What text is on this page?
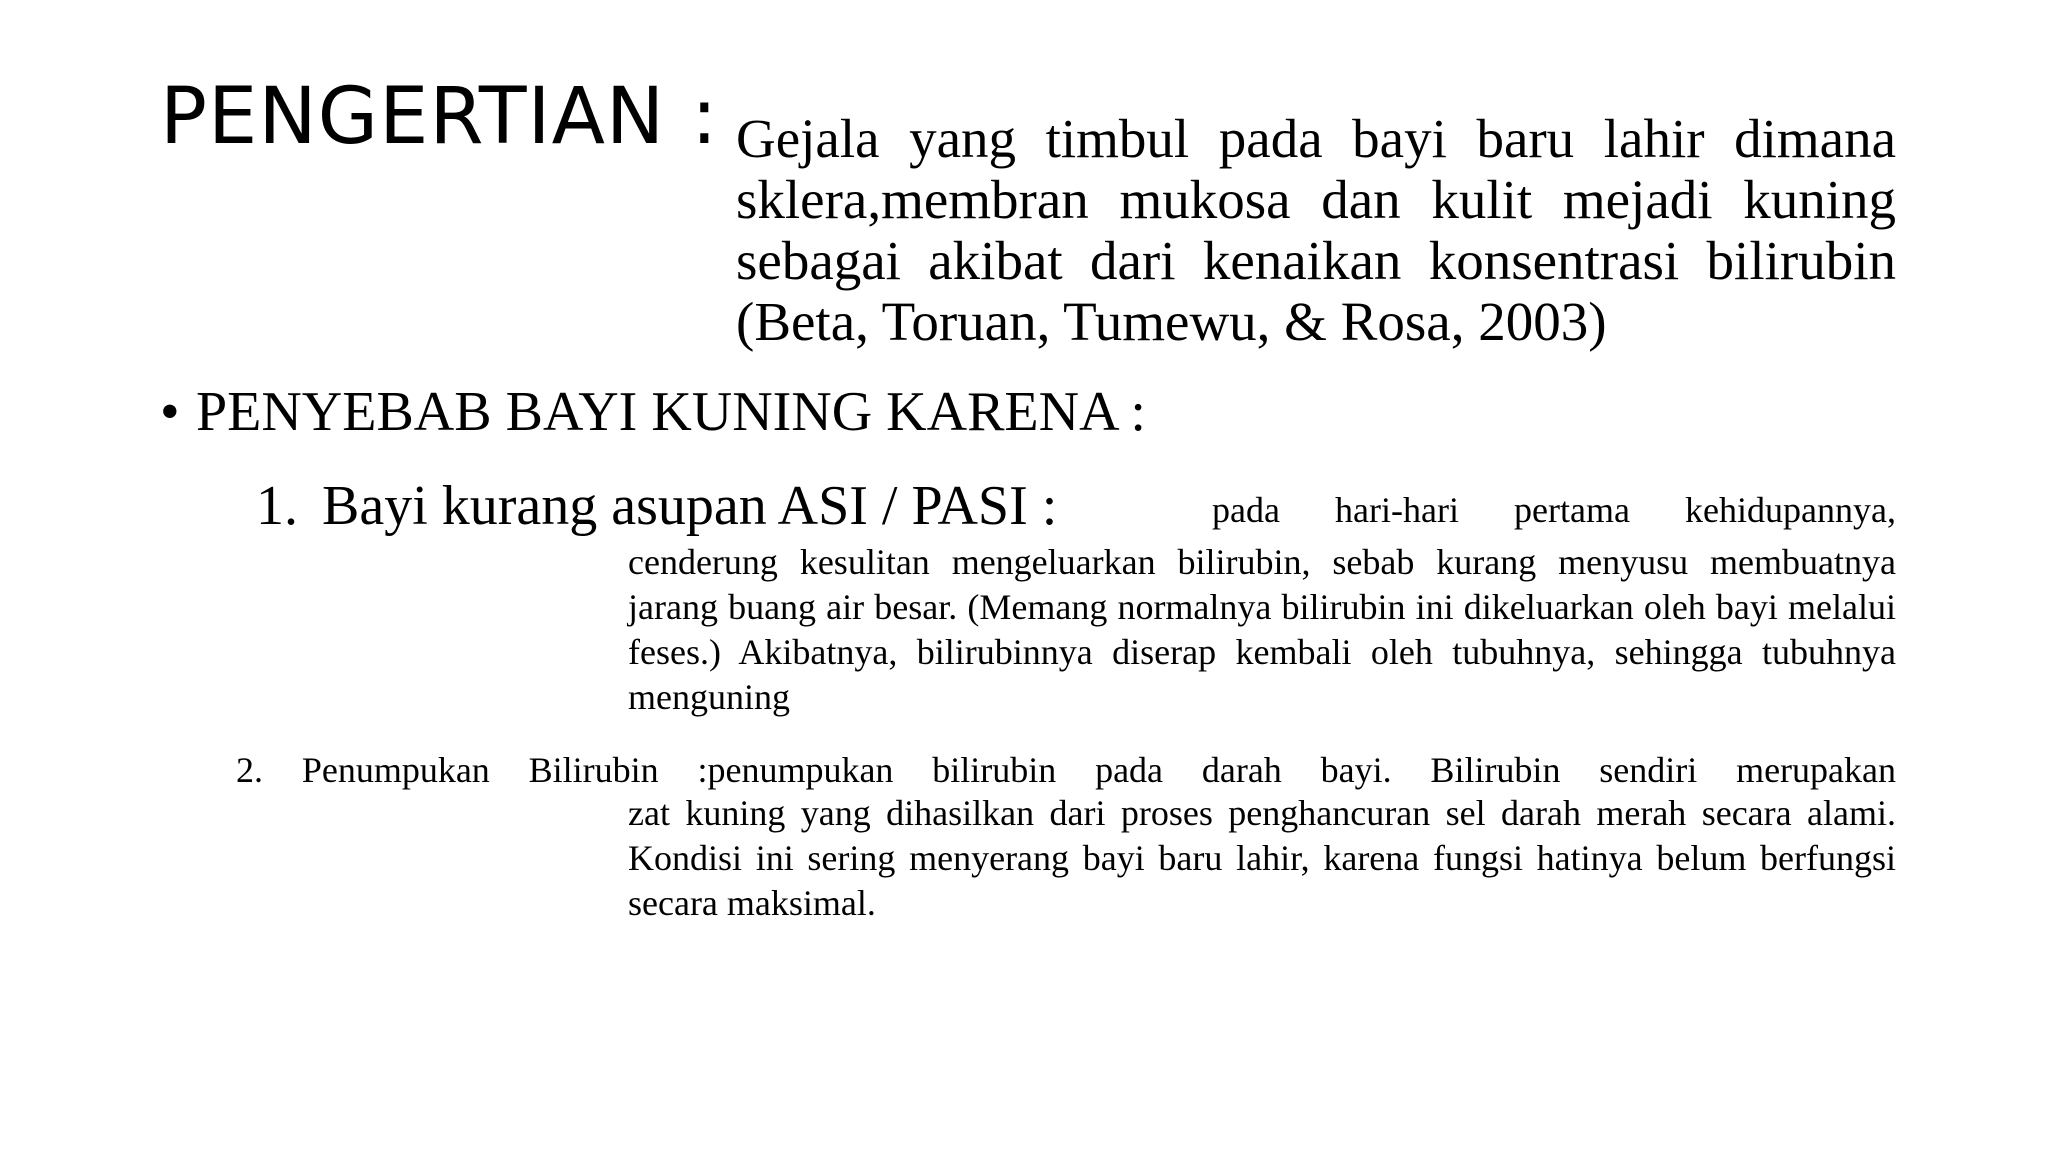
PENGERTIAN : Gejala yang timbul pada bayi baru lahir dimana sklera,membran mukosa dan kulit mejadi kuning sebagai akibat dari kenaikan konsentrasi bilirubin (Beta, Toruan, Tumewu, & Rosa, 2003)

• PENYEBAB BAYI KUNING KARENA :

1. Bayi kurang asupan ASI / PASI :	pada hari-hari pertama kehidupannya,

cenderung kesulitan mengeluarkan bilirubin, sebab kurang menyusu membuatnya jarang buang air besar. (Memang normalnya bilirubin ini dikeluarkan oleh bayi melalui feses.) Akibatnya, bilirubinnya diserap kembali oleh tubuhnya, sehingga tubuhnya menguning

2. Penumpukan Bilirubin :penumpukan bilirubin pada darah bayi. Bilirubin sendiri merupakan

zat kuning yang dihasilkan dari proses penghancuran sel darah merah secara alami. Kondisi ini sering menyerang bayi baru lahir, karena fungsi hatinya belum berfungsi secara maksimal.
